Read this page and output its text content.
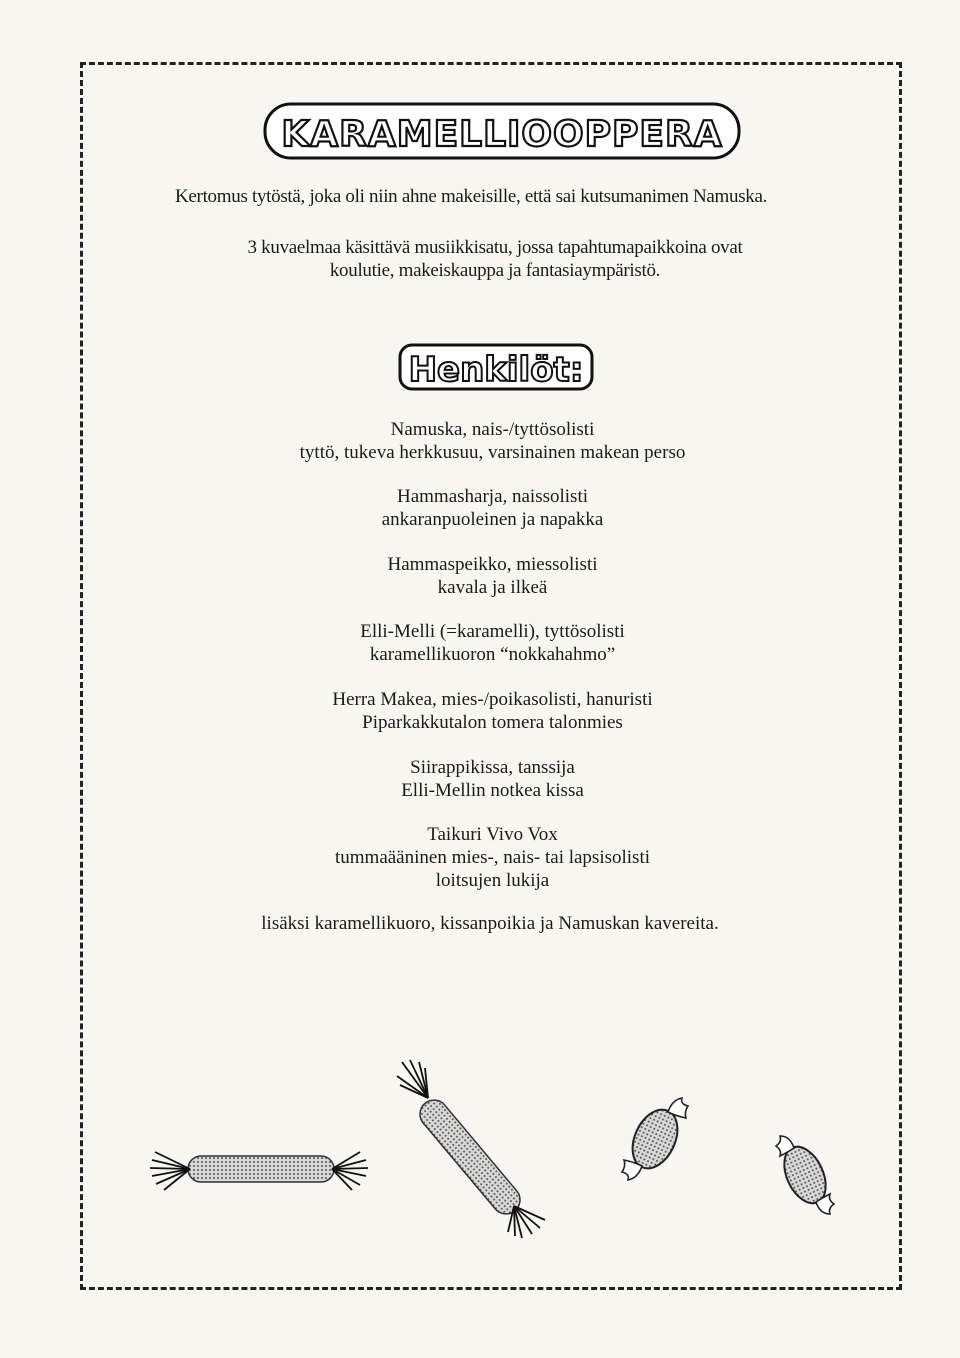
KARAMELLIOOPPERA
Kertomus tytöstä, joka oli niin ahne makeisille, että sai kutsumanimen Namuska.
3 kuvaelmaa käsittävä musiikkisatu, jossa tapahtumapaikkoina ovat
koulutie, makeiskauppa ja fantasiaympäristö.
Henkilöt:
Namuska, nais-/tyttösolisti
tyttö, tukeva herkkusuu, varsinainen makean perso
Hammasharja, naissolisti
ankaranpuoleinen ja napakka
Hammaspeikko, miessolisti
kavala ja ilkeä
Elli-Melli (=karamelli), tyttösolisti
karamellikuoron “nokkahahmo”
Herra Makea, mies-/poikasolisti, hanuristi
Piparkakkutalon tomera talonmies
Siirappikissa, tanssija
Elli-Mellin notkea kissa
Taikuri Vivo Vox
tummaääninen mies-, nais- tai lapsisolisti
loitsujen lukija
lisäksi karamellikuoro, kissanpoikia ja Namuskan kavereita.
